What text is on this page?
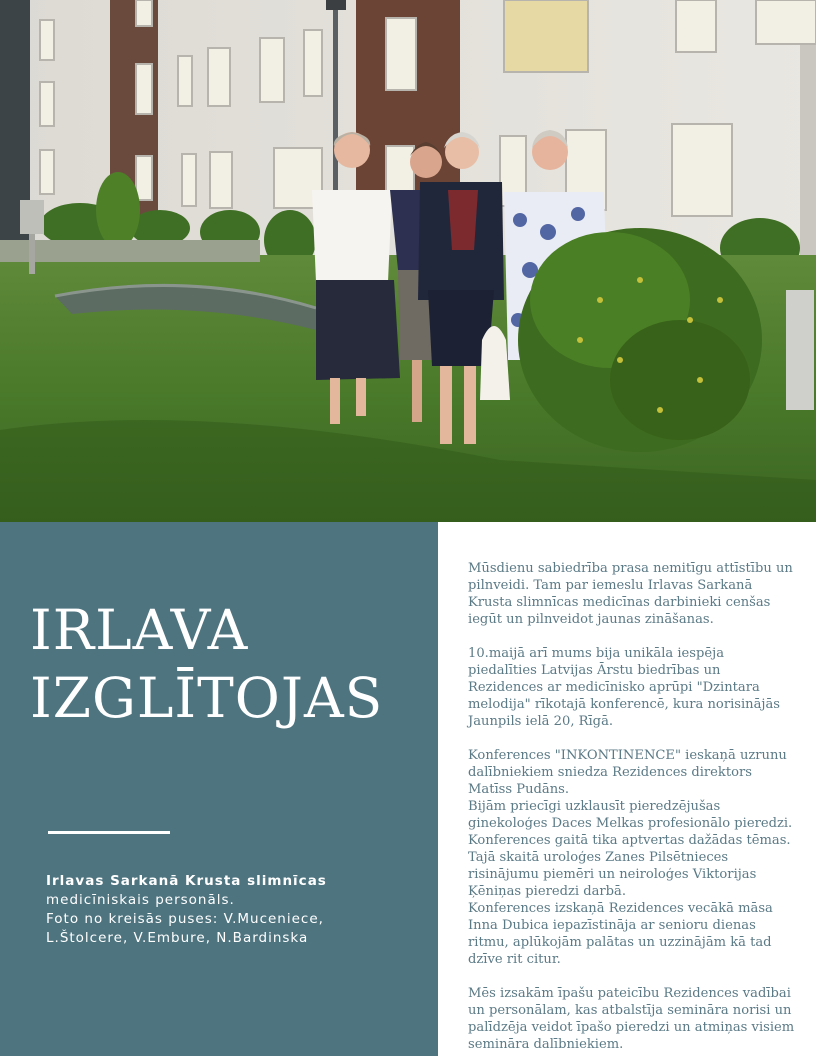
IRLAVA
IZGLĪTOJAS
Irlavas Sarkanā Krusta slimnīcas
medicīniskais personāls.
Foto no kreisās puses: V.Muceniece,
L.Štolcere, V.Embure, N.Bardinska

Mūsdienu sabiedrība prasa nemitīgu attīstību un pilnveidi. Tam par iemeslu Irlavas Sarkanā Krusta slimnīcas medicīnas darbinieki cenšas iegūt un pilnveidot jaunas zināšanas.

10.maijā arī mums bija unikāla iespēja piedalīties Latvijas Ārstu biedrības un Rezidences ar medicīnisko aprūpi "Dzintara melodija" rīkotajā konferencē, kura norisinājās Jaunpils ielā 20, Rīgā.

Konferences "INKONTINENCE" ieskaņā uzrunu dalībniekiem sniedza Rezidences direktors Matīss Pudāns.

Bijām priecīgi uzklausīt pieredzējušas ginekoloģes Daces Melkas profesionālo pieredzi.

Konferences gaitā tika aptvertas dažādas tēmas.

Tajā skaitā uroloģes Zanes Pilsētnieces risinājumu piemēri un neiroloģes Viktorijas Ķēniņas pieredzi darbā.

Konferences izskaņā Rezidences vecākā māsa Inna Dubica iepazīstināja ar senioru dienas ritmu, aplūkojām palātas un uzzinājām kā tad dzīve rit citur.

Mēs izsakām īpašu pateicību Rezidences vadībai un personālam, kas atbalstīja semināra norisi un palīdzēja veidot īpašo pieredzi un atmiņas visiem semināra dalībniekiem.
